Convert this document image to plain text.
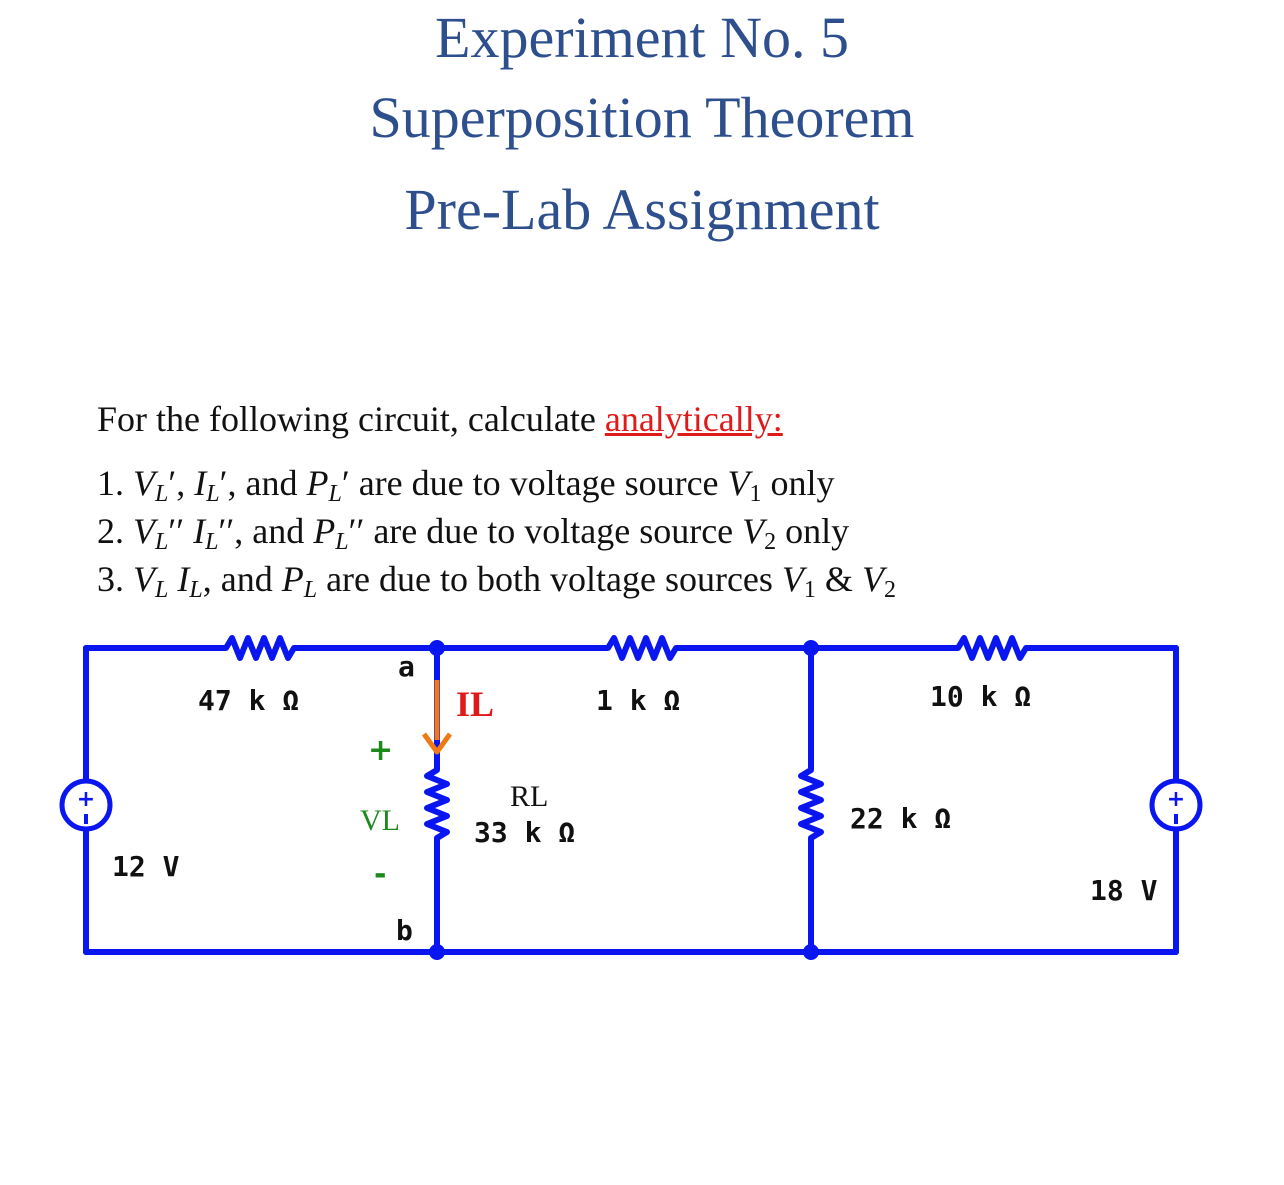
Experiment No. 5
Superposition Theorem
Pre-Lab Assignment
For the following circuit, calculate analytically:
1. $V_L'$, $I_L'$, and $P_L'$ are due to voltage source $V_1$ only
2. $V_L''$ $I_L''$, and $P_L''$ are due to voltage source $V_2$ only
3. $V_L$ $I_L$, and $P_L$ are due to both voltage sources $V_1$ & $V_2$
+	+
47 k Ω	1 k Ω	10 k Ω
22 k Ω
33 k Ω
RL
12 V
18 V
a
b
+
VL
-
IL
